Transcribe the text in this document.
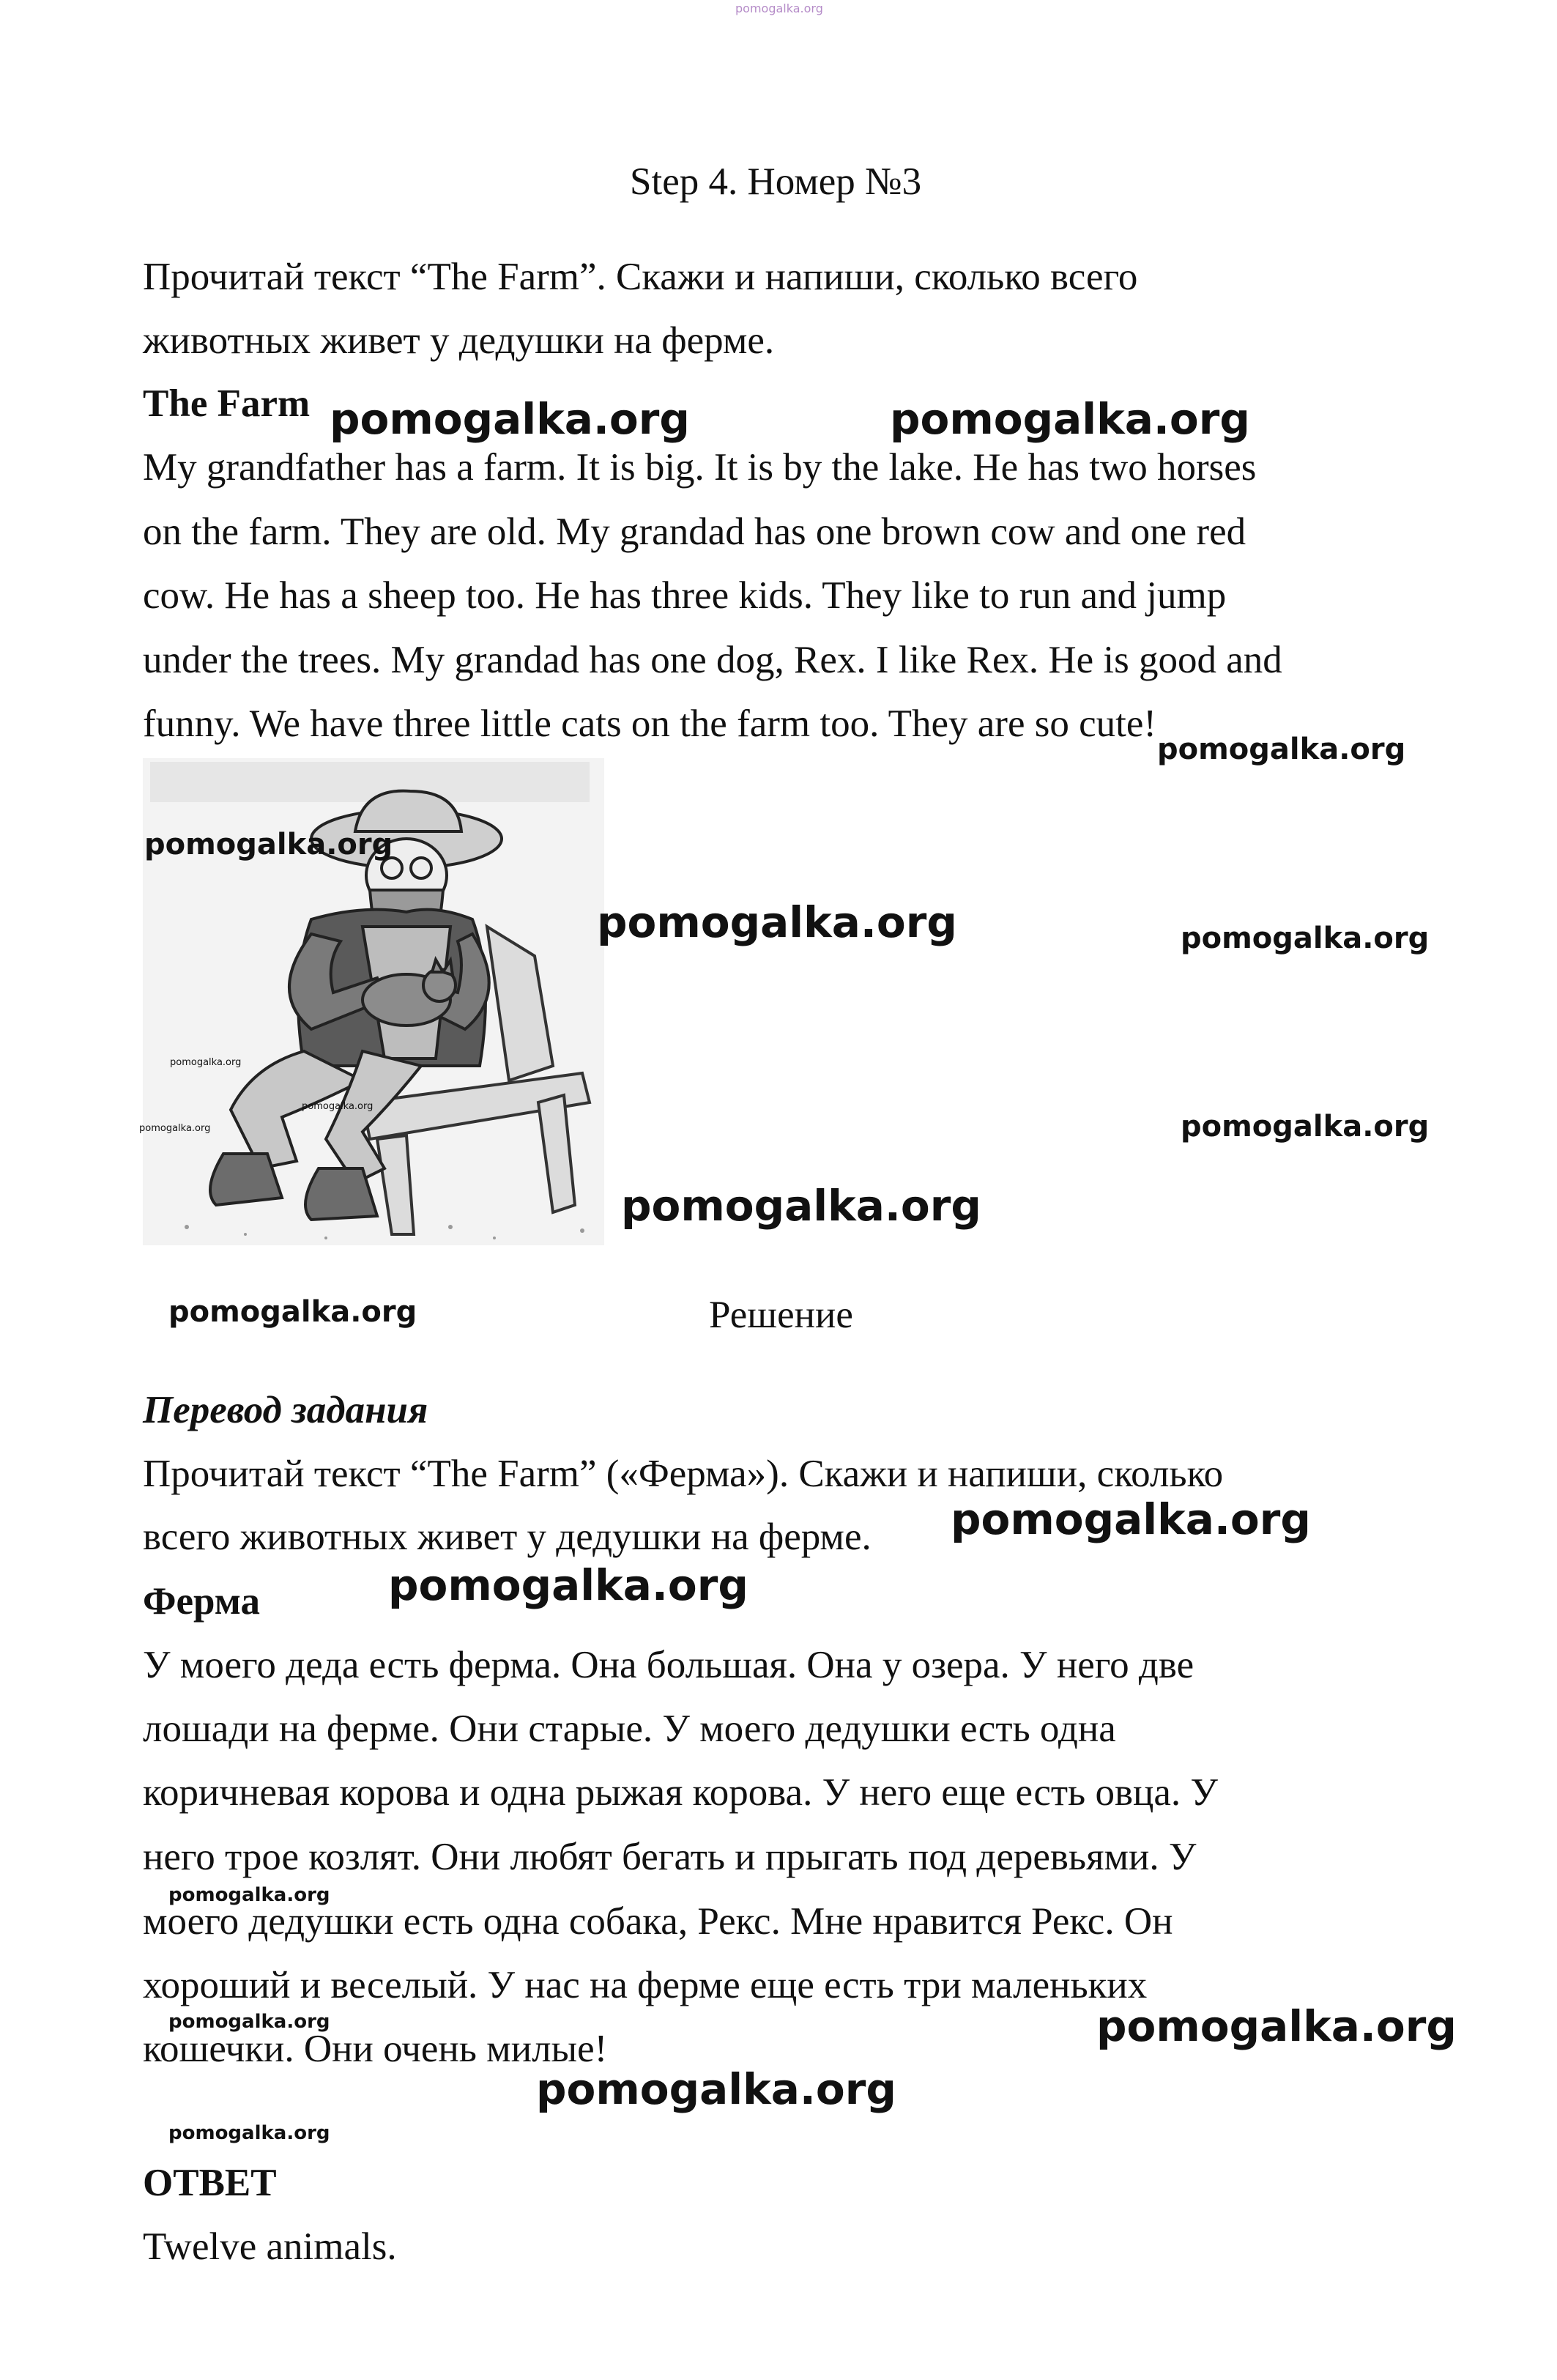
pomogalka.org
Step 4. Номер №3
Прочитай текст “The Farm”. Скажи и напиши, сколько всего
животных живет у дедушки на ферме.
The Farm
My grandfather has a farm. It is big. It is by the lake. He has two horses
on the farm. They are old. My grandad has one brown cow and one red
cow. He has a sheep too. He has three kids. They like to run and jump
under the trees. My grandad has one dog, Rex. I like Rex. He is good and
funny. We have three little cats on the farm too. They are so cute!
Решение
Перевод задания
Прочитай текст “The Farm” («Ферма»). Скажи и напиши, сколько
всего животных живет у дедушки на ферме.
Ферма
У моего деда есть ферма. Она большая. Она у озера. У него две
лошади на ферме. Они старые. У моего дедушки есть одна
коричневая корова и одна рыжая корова. У него еще есть овца. У
него трое козлят. Они любят бегать и прыгать под деревьями. У
моего дедушки есть одна собака, Рекс. Мне нравится Рекс. Он
хороший и веселый. У нас на ферме еще есть три маленьких
кошечки. Они очень милые!
ОТВЕТ
Twelve animals.
pomogalka.org	pomogalka.org
pomogalka.org
pomogalka.org
pomogalka.org	pomogalka.org
pomogalka.org
pomogalka.org
pomogalka.org	pomogalka.org
pomogalka.org
pomogalka.org
pomogalka.org
pomogalka.org
pomogalka.org
pomogalka.org	pomogalka.org
pomogalka.org
pomogalka.org
